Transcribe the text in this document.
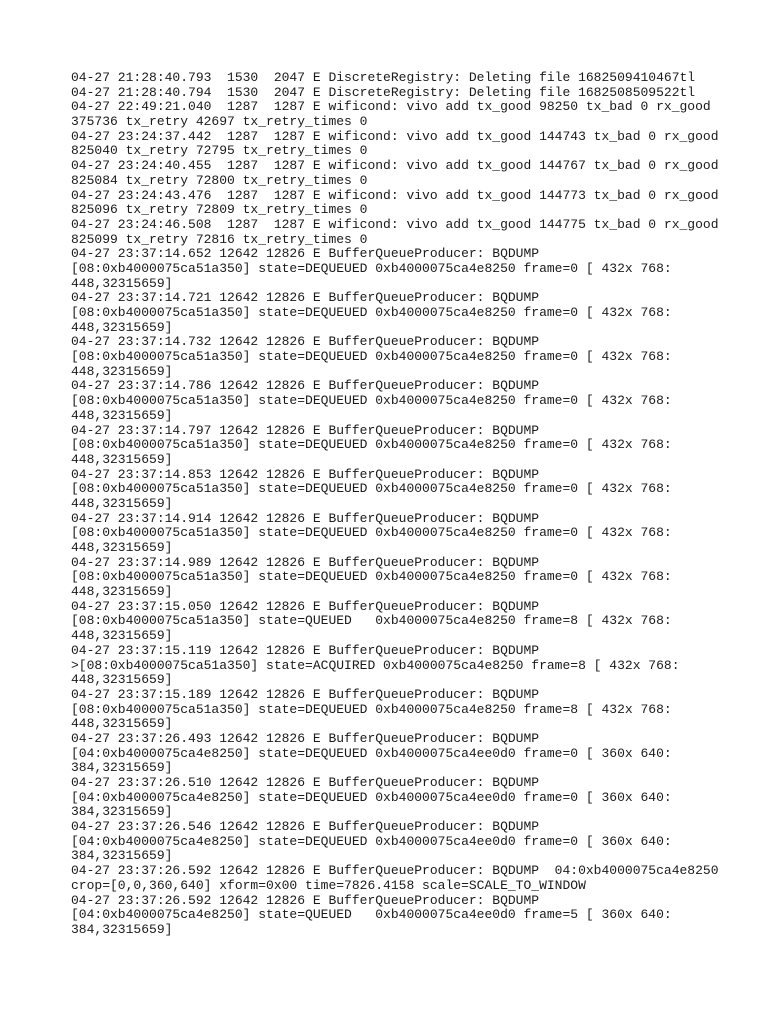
04-27 21:28:40.793  1530  2047 E DiscreteRegistry: Deleting file 1682509410467tl
04-27 21:28:40.794  1530  2047 E DiscreteRegistry: Deleting file 1682508509522tl
04-27 22:49:21.040  1287  1287 E wificond: vivo add tx_good 98250 tx_bad 0 rx_good
375736 tx_retry 42697 tx_retry_times 0
04-27 23:24:37.442  1287  1287 E wificond: vivo add tx_good 144743 tx_bad 0 rx_good
825040 tx_retry 72795 tx_retry_times 0
04-27 23:24:40.455  1287  1287 E wificond: vivo add tx_good 144767 tx_bad 0 rx_good
825084 tx_retry 72800 tx_retry_times 0
04-27 23:24:43.476  1287  1287 E wificond: vivo add tx_good 144773 tx_bad 0 rx_good
825096 tx_retry 72809 tx_retry_times 0
04-27 23:24:46.508  1287  1287 E wificond: vivo add tx_good 144775 tx_bad 0 rx_good
825099 tx_retry 72816 tx_retry_times 0
04-27 23:37:14.652 12642 12826 E BufferQueueProducer: BQDUMP
[08:0xb4000075ca51a350] state=DEQUEUED 0xb4000075ca4e8250 frame=0 [ 432x 768:
448,32315659]
04-27 23:37:14.721 12642 12826 E BufferQueueProducer: BQDUMP
[08:0xb4000075ca51a350] state=DEQUEUED 0xb4000075ca4e8250 frame=0 [ 432x 768:
448,32315659]
04-27 23:37:14.732 12642 12826 E BufferQueueProducer: BQDUMP
[08:0xb4000075ca51a350] state=DEQUEUED 0xb4000075ca4e8250 frame=0 [ 432x 768:
448,32315659]
04-27 23:37:14.786 12642 12826 E BufferQueueProducer: BQDUMP
[08:0xb4000075ca51a350] state=DEQUEUED 0xb4000075ca4e8250 frame=0 [ 432x 768:
448,32315659]
04-27 23:37:14.797 12642 12826 E BufferQueueProducer: BQDUMP
[08:0xb4000075ca51a350] state=DEQUEUED 0xb4000075ca4e8250 frame=0 [ 432x 768:
448,32315659]
04-27 23:37:14.853 12642 12826 E BufferQueueProducer: BQDUMP
[08:0xb4000075ca51a350] state=DEQUEUED 0xb4000075ca4e8250 frame=0 [ 432x 768:
448,32315659]
04-27 23:37:14.914 12642 12826 E BufferQueueProducer: BQDUMP
[08:0xb4000075ca51a350] state=DEQUEUED 0xb4000075ca4e8250 frame=0 [ 432x 768:
448,32315659]
04-27 23:37:14.989 12642 12826 E BufferQueueProducer: BQDUMP
[08:0xb4000075ca51a350] state=DEQUEUED 0xb4000075ca4e8250 frame=0 [ 432x 768:
448,32315659]
04-27 23:37:15.050 12642 12826 E BufferQueueProducer: BQDUMP
[08:0xb4000075ca51a350] state=QUEUED   0xb4000075ca4e8250 frame=8 [ 432x 768:
448,32315659]
04-27 23:37:15.119 12642 12826 E BufferQueueProducer: BQDUMP
>[08:0xb4000075ca51a350] state=ACQUIRED 0xb4000075ca4e8250 frame=8 [ 432x 768:
448,32315659]
04-27 23:37:15.189 12642 12826 E BufferQueueProducer: BQDUMP
[08:0xb4000075ca51a350] state=DEQUEUED 0xb4000075ca4e8250 frame=8 [ 432x 768:
448,32315659]
04-27 23:37:26.493 12642 12826 E BufferQueueProducer: BQDUMP
[04:0xb4000075ca4e8250] state=DEQUEUED 0xb4000075ca4ee0d0 frame=0 [ 360x 640:
384,32315659]
04-27 23:37:26.510 12642 12826 E BufferQueueProducer: BQDUMP
[04:0xb4000075ca4e8250] state=DEQUEUED 0xb4000075ca4ee0d0 frame=0 [ 360x 640:
384,32315659]
04-27 23:37:26.546 12642 12826 E BufferQueueProducer: BQDUMP
[04:0xb4000075ca4e8250] state=DEQUEUED 0xb4000075ca4ee0d0 frame=0 [ 360x 640:
384,32315659]
04-27 23:37:26.592 12642 12826 E BufferQueueProducer: BQDUMP  04:0xb4000075ca4e8250
crop=[0,0,360,640] xform=0x00 time=7826.4158 scale=SCALE_TO_WINDOW
04-27 23:37:26.592 12642 12826 E BufferQueueProducer: BQDUMP
[04:0xb4000075ca4e8250] state=QUEUED   0xb4000075ca4ee0d0 frame=5 [ 360x 640:
384,32315659]
